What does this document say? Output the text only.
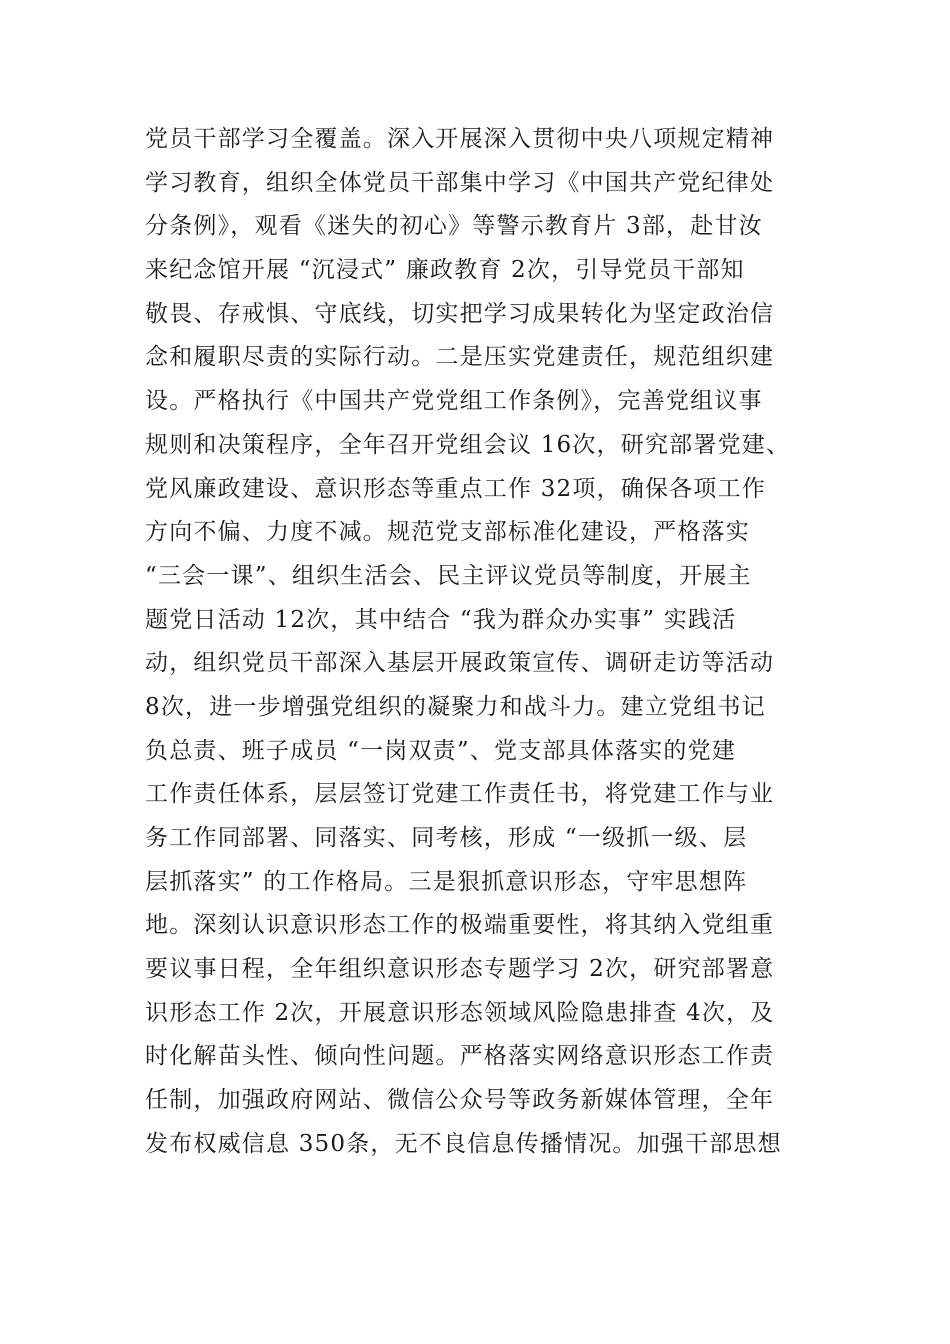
党员干部学习全覆盖。深入开展深入贯彻中央八项规定精神
学习教育，组织全体党员干部集中学习《中国共产党纪律处
分条例》，观看《迷失的初心》等警示教育片 3部，赴甘汝
来纪念馆开展 “沉浸式” 廉政教育 2次，引导党员干部知
敬畏、存戒惧、守底线，切实把学习成果转化为坚定政治信
念和履职尽责的实际行动。二是压实党建责任，规范组织建
设。严格执行《中国共产党党组工作条例》，完善党组议事
规则和决策程序，全年召开党组会议 16次，研究部署党建、
党风廉政建设、意识形态等重点工作 32项，确保各项工作
方向不偏、力度不减。规范党支部标准化建设，严格落实
“三会一课”、组织生活会、民主评议党员等制度，开展主
题党日活动 12次，其中结合 “我为群众办实事” 实践活
动，组织党员干部深入基层开展政策宣传、调研走访等活动
8次，进一步增强党组织的凝聚力和战斗力。建立党组书记
负总责、班子成员 “一岗双责”、党支部具体落实的党建
工作责任体系，层层签订党建工作责任书，将党建工作与业
务工作同部署、同落实、同考核，形成 “一级抓一级、层
层抓落实” 的工作格局。三是狠抓意识形态，守牢思想阵
地。深刻认识意识形态工作的极端重要性，将其纳入党组重
要议事日程，全年组织意识形态专题学习 2次，研究部署意
识形态工作 2次，开展意识形态领域风险隐患排查 4次，及
时化解苗头性、倾向性问题。严格落实网络意识形态工作责
任制，加强政府网站、微信公众号等政务新媒体管理，全年
发布权威信息 350条，无不良信息传播情况。加强干部思想
